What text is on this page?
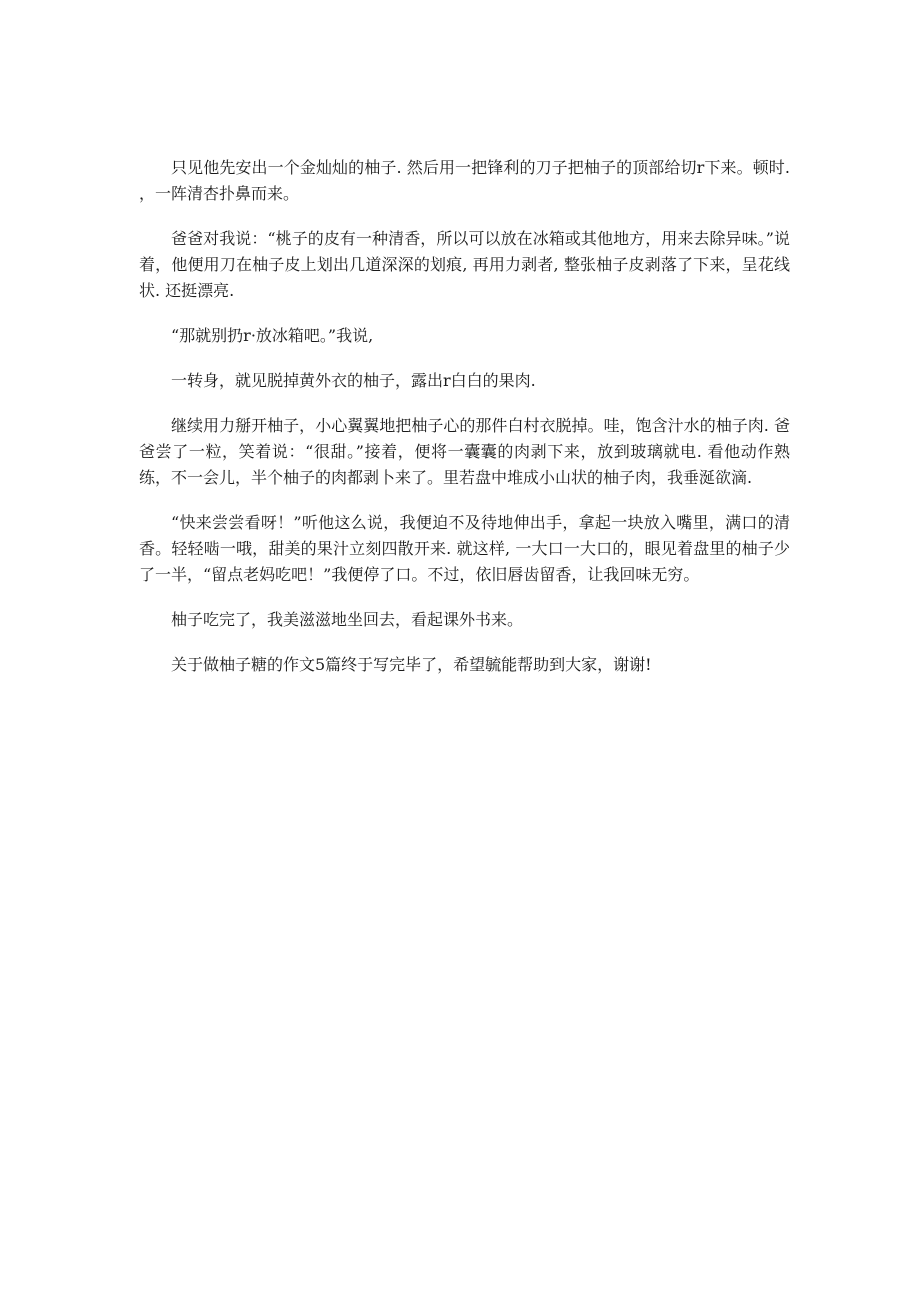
只见他先安出一个金灿灿的柚子. 然后用一把锋利的刀子把柚子的顶部给切r下来。顿时. ，一阵清杏扑鼻而来。

爸爸对我说：“桃子的皮有一种清香，所以可以放在冰箱或其他地方，用来去除异味。”说着，他便用刀在柚子皮上划出几道深深的划痕, 再用力剥者, 整张柚子皮剥落了下来，呈花线状. 还挺漂亮.

“那就别扔r·放冰箱吧。”我说,

一转身，就见脱掉黄外衣的柚子，露出r白白的果肉.

继续用力掰开柚子，小心翼翼地把柚子心的那件白村衣脱掉。哇，饱含汁水的柚子肉. 爸爸尝了一粒，笑着说：“很甜。”接着，便将一囊囊的肉剥下来，放到玻璃就电. 看他动作熟练，不一会儿，半个柚子的肉都剥卜来了。里若盘中堆成小山状的柚子肉，我垂涎欲滴.

“快来尝尝看呀！”听他这么说，我便迫不及待地伸出手，拿起一块放入嘴里，满口的清香。轻轻啮一哦，甜美的果汁立刻四散开来. 就这样, 一大口一大口的，眼见着盘里的柚子少了一半，“留点老妈吃吧！”我便停了口。不过，依旧唇齿留香，让我回味无穷。

柚子吃完了，我美滋滋地坐回去，看起课外书来。

关于做柚子糖的作文5篇终于写完毕了，希望毓能帮助到大家，谢谢!
